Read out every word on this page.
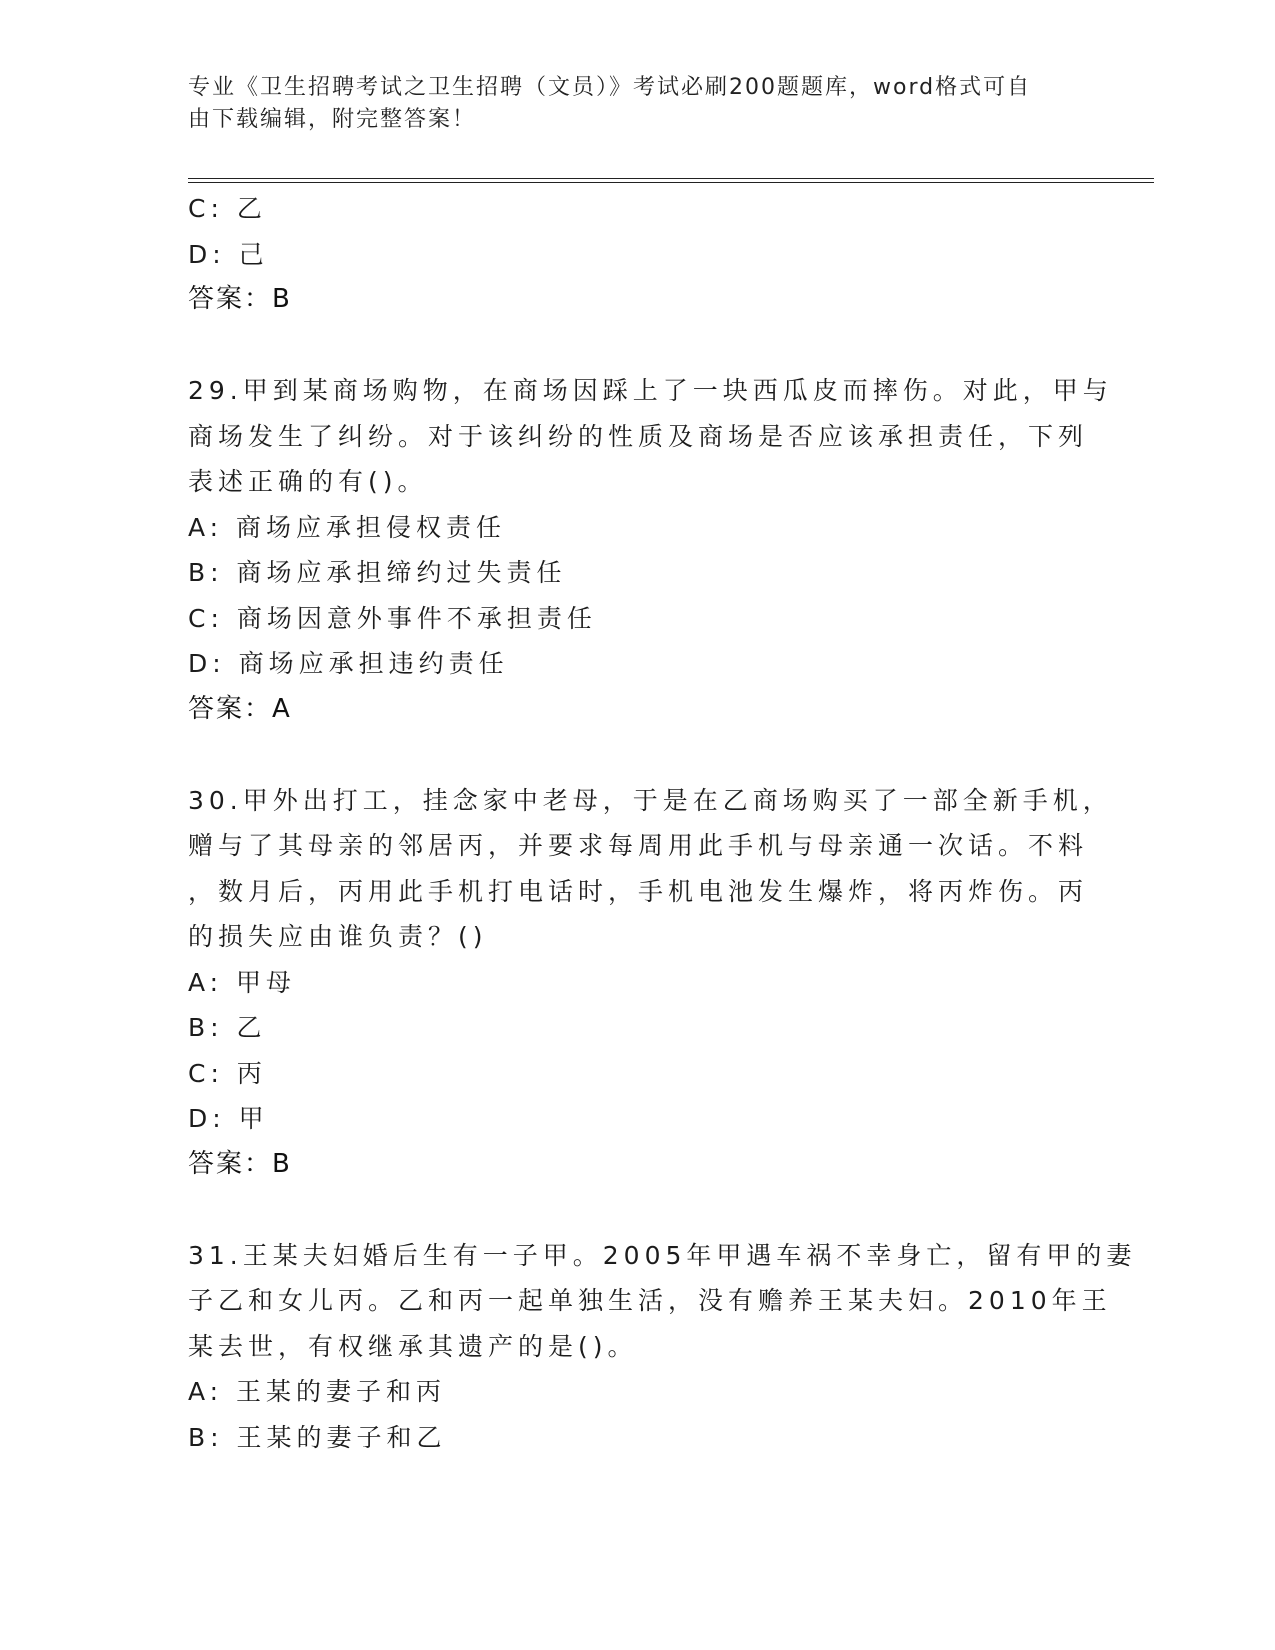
专业《卫生招聘考试之卫生招聘（文员）》考试必刷200题题库，word格式可自
由下载编辑，附完整答案！
C: 乙
D: 己
答案：B
29.甲到某商场购物，在商场因踩上了一块西瓜皮而摔伤。对此，甲与
商场发生了纠纷。对于该纠纷的性质及商场是否应该承担责任，下列
表述正确的有()。
A: 商场应承担侵权责任
B: 商场应承担缔约过失责任
C: 商场因意外事件不承担责任
D: 商场应承担违约责任
答案：A
30.甲外出打工，挂念家中老母，于是在乙商场购买了一部全新手机，
赠与了其母亲的邻居丙，并要求每周用此手机与母亲通一次话。不料
，数月后，丙用此手机打电话时，手机电池发生爆炸，将丙炸伤。丙
的损失应由谁负责？()
A: 甲母
B: 乙
C: 丙
D: 甲
答案：B
31.王某夫妇婚后生有一子甲。2005年甲遇车祸不幸身亡，留有甲的妻
子乙和女儿丙。乙和丙一起单独生活，没有赡养王某夫妇。2010年王
某去世，有权继承其遗产的是()。
A: 王某的妻子和丙
B: 王某的妻子和乙
